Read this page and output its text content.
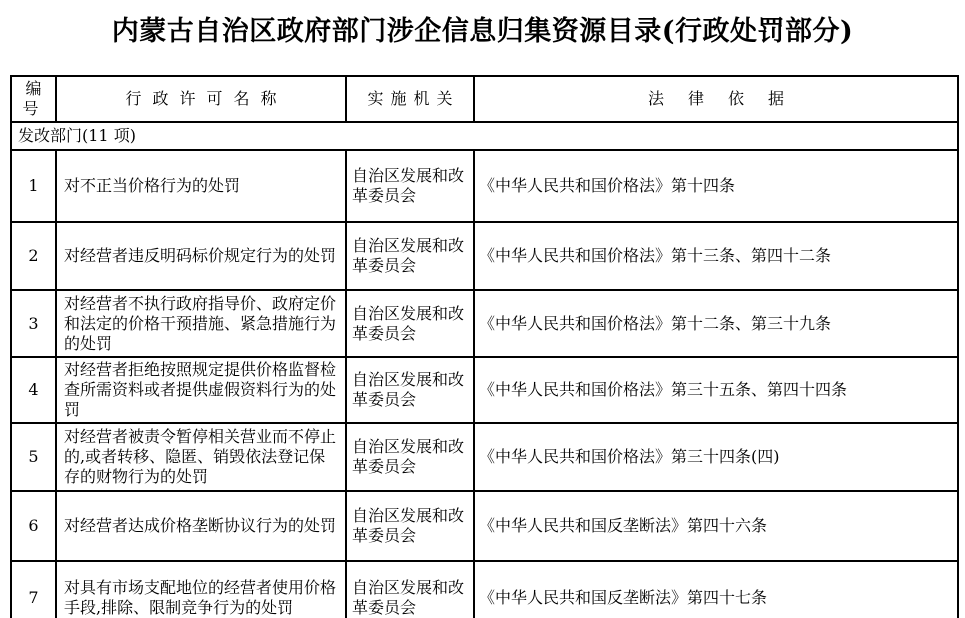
内蒙古自治区政府部门涉企信息归集资源目录(行政处罚部分)
编号	行政许可名称	实施机关	法律依据
发改部门(11 项)			
1	对不正当价格行为的处罚	自治区发展和改革委员会	《中华人民共和国价格法》第十四条
2	对经营者违反明码标价规定行为的处罚	自治区发展和改革委员会	《中华人民共和国价格法》第十三条、第四十二条
3	对经营者不执行政府指导价、政府定价和法定的价格干预措施、紧急措施行为的处罚	自治区发展和改革委员会	《中华人民共和国价格法》第十二条、第三十九条
4	对经营者拒绝按照规定提供价格监督检查所需资料或者提供虚假资料行为的处罚	自治区发展和改革委员会	《中华人民共和国价格法》第三十五条、第四十四条
5	对经营者被责令暂停相关营业而不停止的,或者转移、隐匿、销毁依法登记保存的财物行为的处罚	自治区发展和改革委员会	《中华人民共和国价格法》第三十四条(四)
6	对经营者达成价格垄断协议行为的处罚	自治区发展和改革委员会	《中华人民共和国反垄断法》第四十六条
7	对具有市场支配地位的经营者使用价格手段,排除、限制竞争行为的处罚	自治区发展和改革委员会	《中华人民共和国反垄断法》第四十七条
